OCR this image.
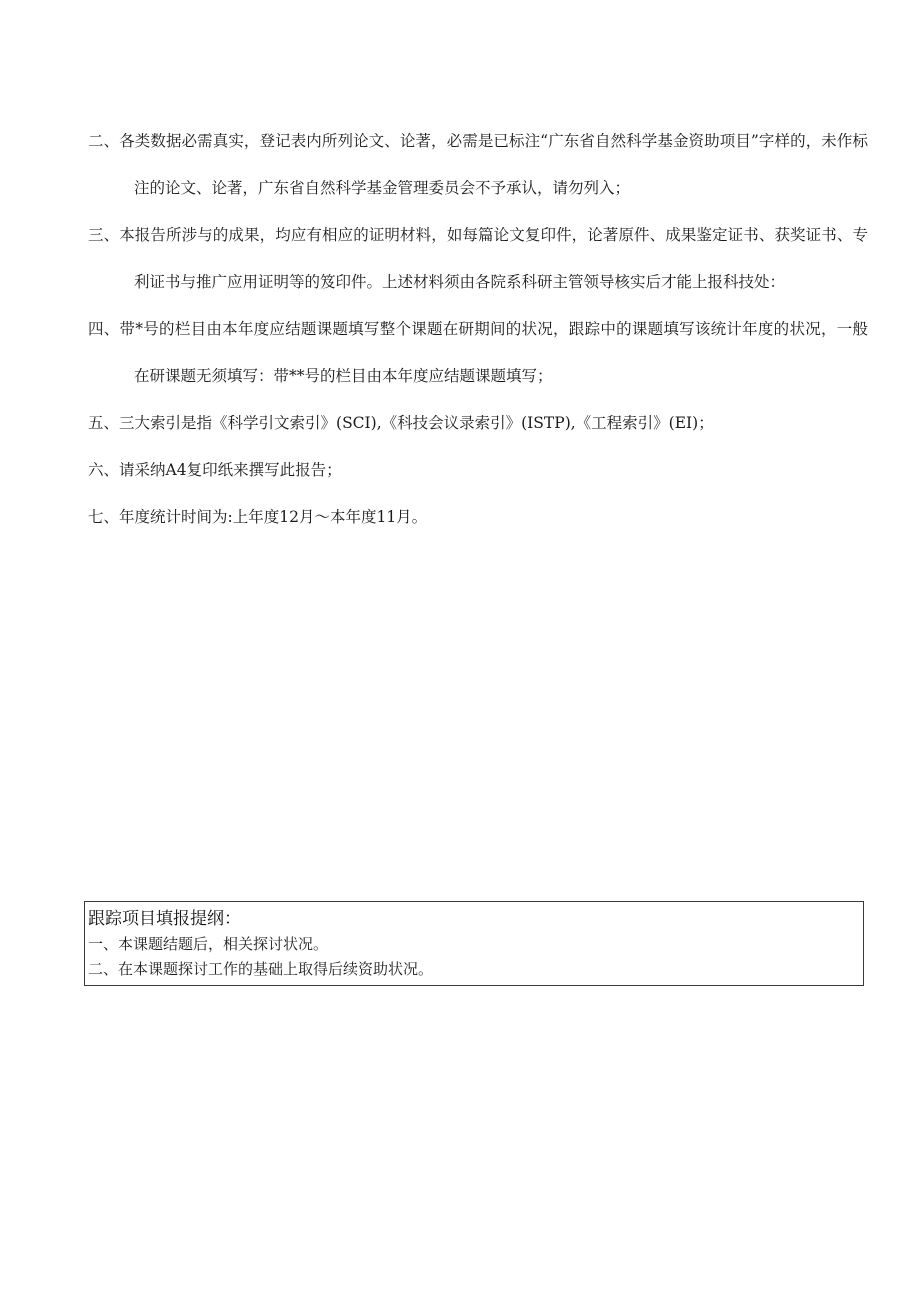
二、各类数据必需真实，登记表内所列论文、论著，必需是已标注“广东省自然科学基金资助项目”字样的，未作标注的论文、论著，广东省自然科学基金管理委员会不予承认，请勿列入；
三、本报告所涉与的成果，均应有相应的证明材料，如每篇论文复印件，论著原件、成果鉴定证书、获奖证书、专利证书与推广应用证明等的笈印件。上述材料须由各院系科研主管领导核实后才能上报科技处：
四、带*号的栏目由本年度应结题课题填写整个课题在研期间的状况，跟踪中的课题填写该统计年度的状况，一般在研课题无须填写：带**号的栏目由本年度应结题课题填写；
五、三大索引是指《科学引文索引》(SCI),《科技会议录索引》(ISTP),《工程索引》(EI)；
六、请采纳A4复印纸来撰写此报告；
七、年度统计时间为:上年度12月～本年度11月。

跟踪项目填报提纲：

一、本课题结题后，相关探讨状况。

二、在本课题探讨工作的基础上取得后续资助状况。
